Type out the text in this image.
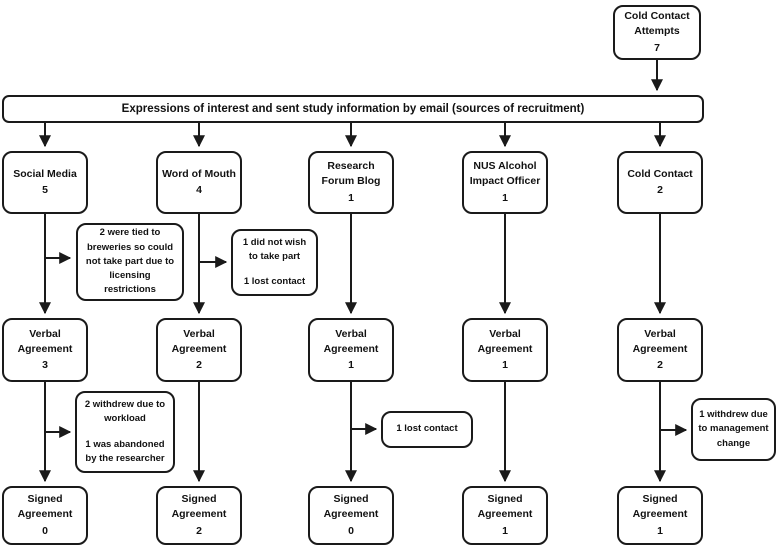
Cold Contact Attempts
7
Expressions of interest and sent study information by email (sources of recruitment)
Social Media
5
Word of Mouth
4
Research Forum Blog
1
NUS Alcohol Impact Officer
1
Cold Contact
2
2 were tied to breweries so could not take part due to licensing restrictions
1 did not wish to take part
1 lost contact
Verbal Agreement
3
Verbal Agreement
2
Verbal Agreement
1
Verbal Agreement
1
Verbal Agreement
2
2 withdrew due to workload
1 was abandoned by the researcher
1 lost contact
1 withdrew due to management change
Signed Agreement
0
Signed Agreement
2
Signed Agreement
0
Signed Agreement
1
Signed Agreement
1
